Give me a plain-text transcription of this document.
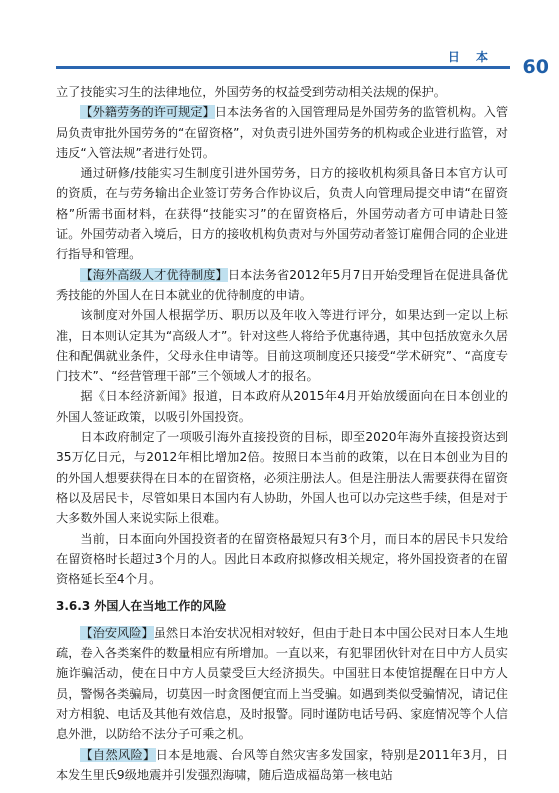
日 本 60

立了技能实习生的法律地位，外国劳务的权益受到劳动相关法规的保护。

【外籍劳务的许可规定】日本法务省的入国管理局是外国劳务的监管机构。入管局负责审批外国劳务的“在留资格”，对负责引进外国劳务的机构或企业进行监管，对违反“入管法规”者进行处罚。

通过研修/技能实习生制度引进外国劳务，日方的接收机构须具备日本官方认可的资质，在与劳务输出企业签订劳务合作协议后，负责人向管理局提交申请“在留资格”所需书面材料，在获得“技能实习”的在留资格后，外国劳动者方可申请赴日签证。外国劳动者入境后，日方的接收机构负责对与外国劳动者签订雇佣合同的企业进行指导和管理。

【海外高级人才优待制度】日本法务省2012年5月7日开始受理旨在促进具备优秀技能的外国人在日本就业的优待制度的申请。

该制度对外国人根据学历、职历以及年收入等进行评分，如果达到一定以上标准，日本则认定其为“高级人才”。针对这些人将给予优惠待遇，其中包括放宽永久居住和配偶就业条件，父母永住申请等。目前这项制度还只接受“学术研究”、“高度专门技术”、“经营管理干部”三个领域人才的报名。

据《日本经济新闻》报道，日本政府从2015年4月开始放缓面向在日本创业的外国人签证政策，以吸引外国投资。

日本政府制定了一项吸引海外直接投资的目标，即至2020年海外直接投资达到35万亿日元，与2012年相比增加2倍。按照日本当前的政策，以在日本创业为目的的外国人想要获得在日本的在留资格，必须注册法人。但是注册法人需要获得在留资格以及居民卡，尽管如果日本国内有人协助，外国人也可以办完这些手续，但是对于大多数外国人来说实际上很难。

当前，日本面向外国投资者的在留资格最短只有3个月，而日本的居民卡只发给在留资格时长超过3个月的人。因此日本政府拟修改相关规定，将外国投资者的在留资格延长至4个月。

3.6.3 外国人在当地工作的风险

【治安风险】虽然日本治安状况相对较好，但由于赴日本中国公民对日本人生地疏，卷入各类案件的数量相应有所增加。一直以来，有犯罪团伙针对在日中方人员实施诈骗活动，使在日中方人员蒙受巨大经济损失。中国驻日本使馆提醒在日中方人员，警惕各类骗局，切莫因一时贪图便宜而上当受骗。如遇到类似受骗情况，请记住对方相貌、电话及其他有效信息，及时报警。同时谨防电话号码、家庭情况等个人信息外泄，以防给不法分子可乘之机。

【自然风险】日本是地震、台风等自然灾害多发国家，特别是2011年3月，日本发生里氏9级地震并引发强烈海啸，随后造成福岛第一核电站
